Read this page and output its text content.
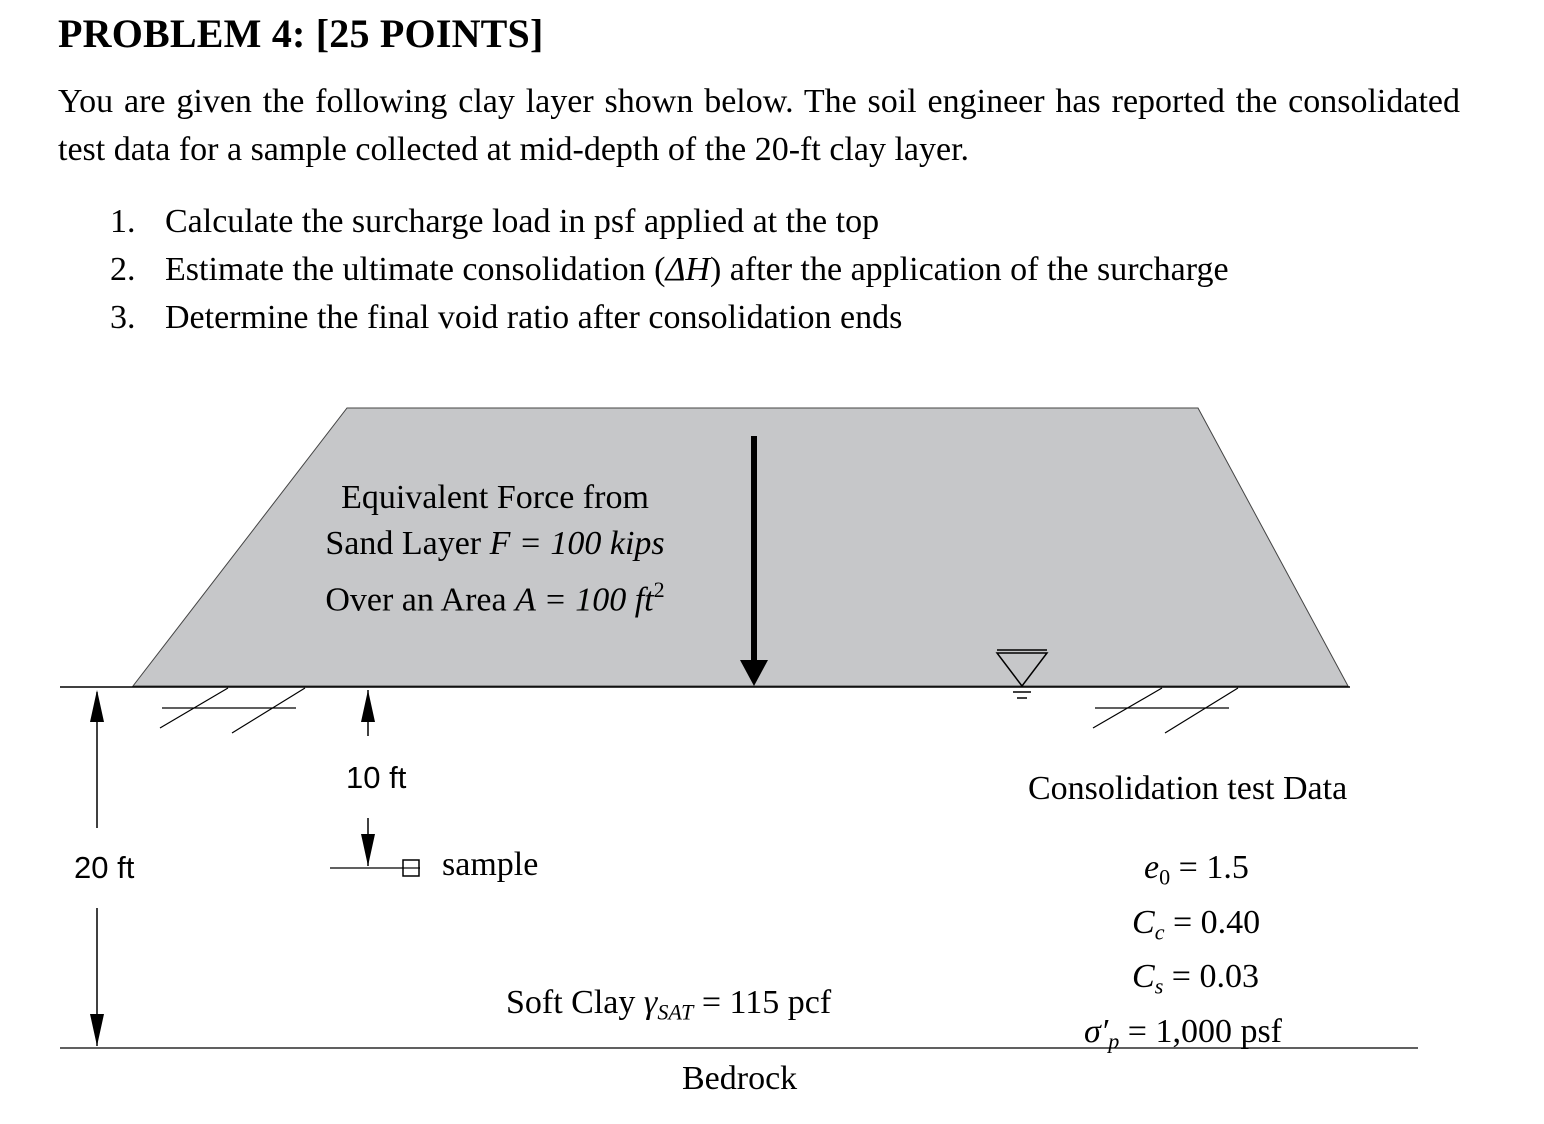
PROBLEM 4: [25 POINTS]
You are given the following clay layer shown below. The soil engineer has reported the consolidated test data for a sample collected at mid-depth of the 20-ft clay layer.
1. Calculate the surcharge load in psf applied at the top
2. Estimate the ultimate consolidation (ΔH) after the application of the surcharge
3. Determine the final void ratio after consolidation ends
Equivalent Force from
Sand Layer F = 100 kips
Over an Area A = 100 $ft^2$
20 ft
10 ft
sample
Soft Clay $\gamma_{SAT} = 115$ pcf
Bedrock
Consolidation test Data
$e_0 = 1.5$
$C_c = 0.40$
$C_s = 0.03$
$\sigma'_p = 1,000$ psf
